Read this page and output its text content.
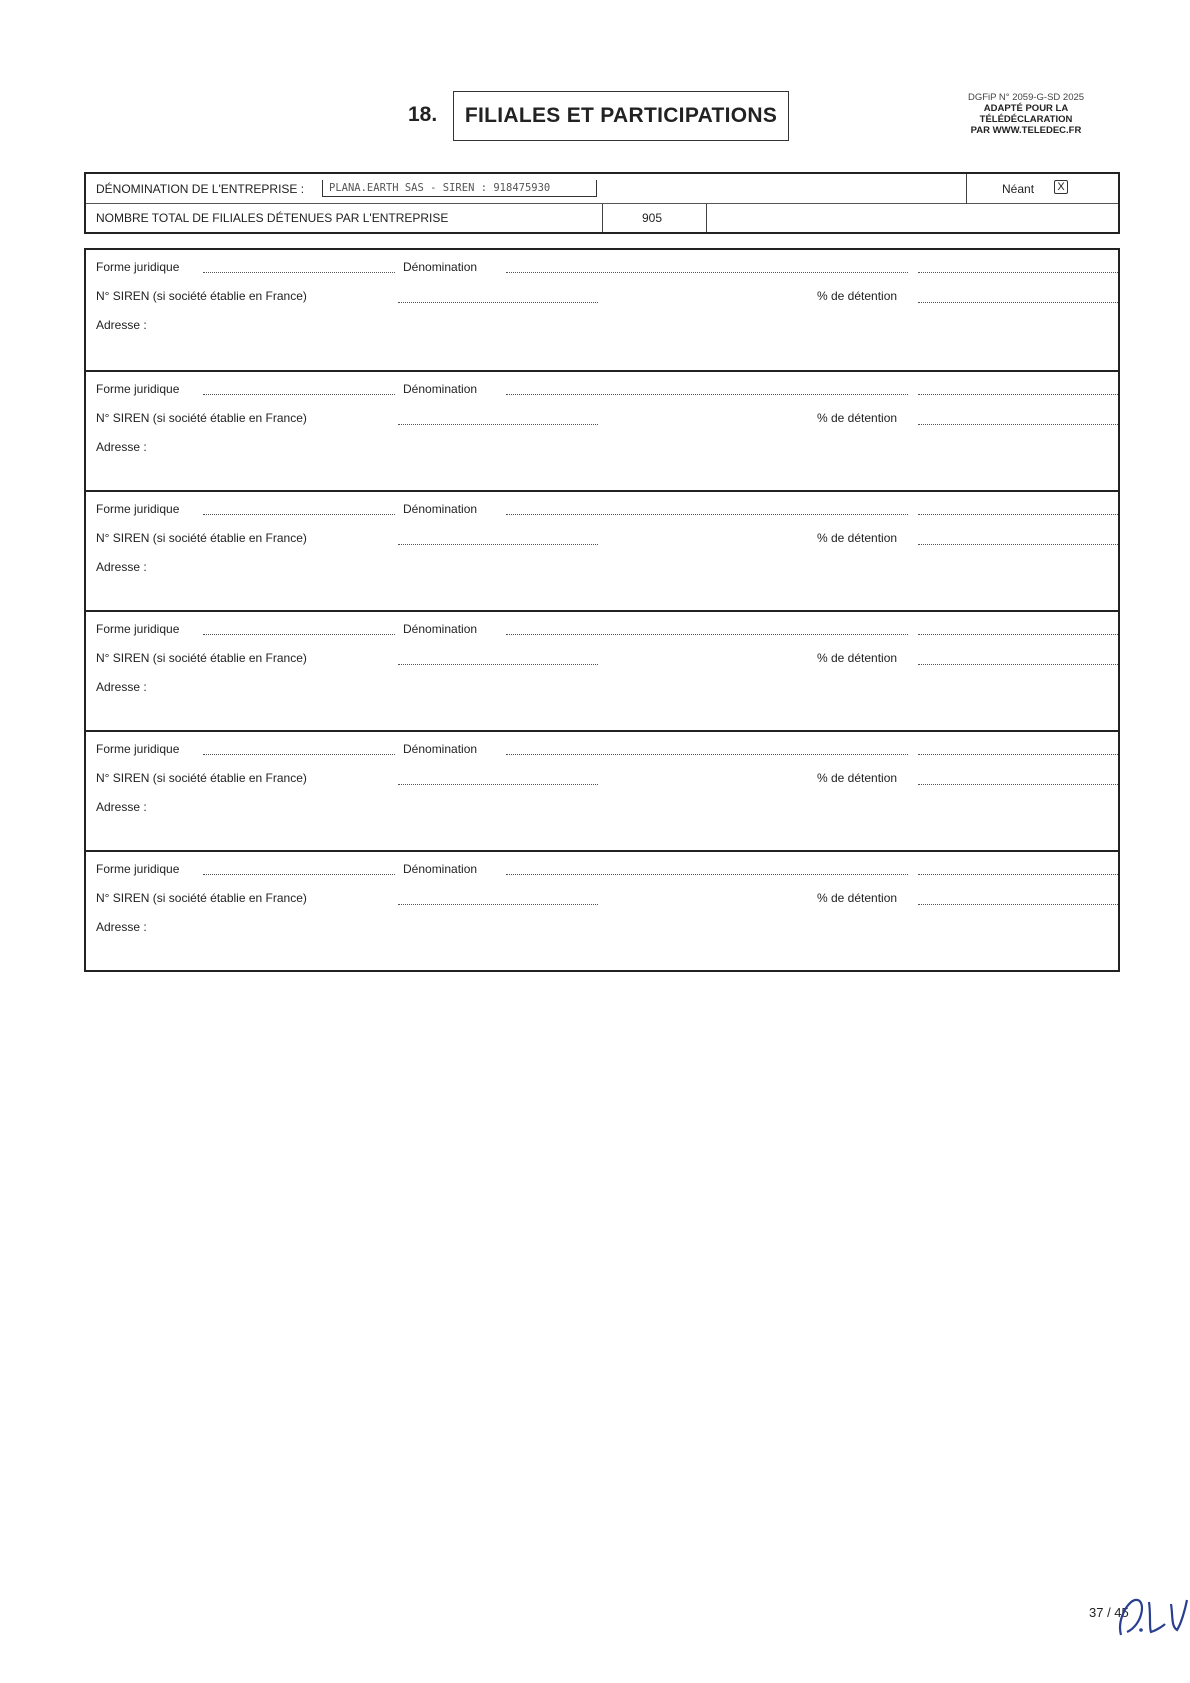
18.	FILIALES ET PARTICIPATIONS
DGFiP N° 2059-G-SD 2025
ADAPTÉ POUR LA
TÉLÉDÉCLARATION
PAR WWW.TELEDEC.FR
DÉNOMINATION DE L'ENTREPRISE :	PLANA.EARTH SAS - SIREN : 918475930	Néant	X
NOMBRE TOTAL DE FILIALES DÉTENUES PAR L'ENTREPRISE	905
Forme juridique	Dénomination
N° SIREN (si société établie en France)	% de détention
Adresse :
Forme juridique	Dénomination
N° SIREN (si société établie en France)	% de détention
Adresse :
Forme juridique	Dénomination
N° SIREN (si société établie en France)	% de détention
Adresse :
Forme juridique	Dénomination
N° SIREN (si société établie en France)	% de détention
Adresse :
Forme juridique	Dénomination
N° SIREN (si société établie en France)	% de détention
Adresse :
Forme juridique	Dénomination
N° SIREN (si société établie en France)	% de détention
Adresse :
37 / 45
